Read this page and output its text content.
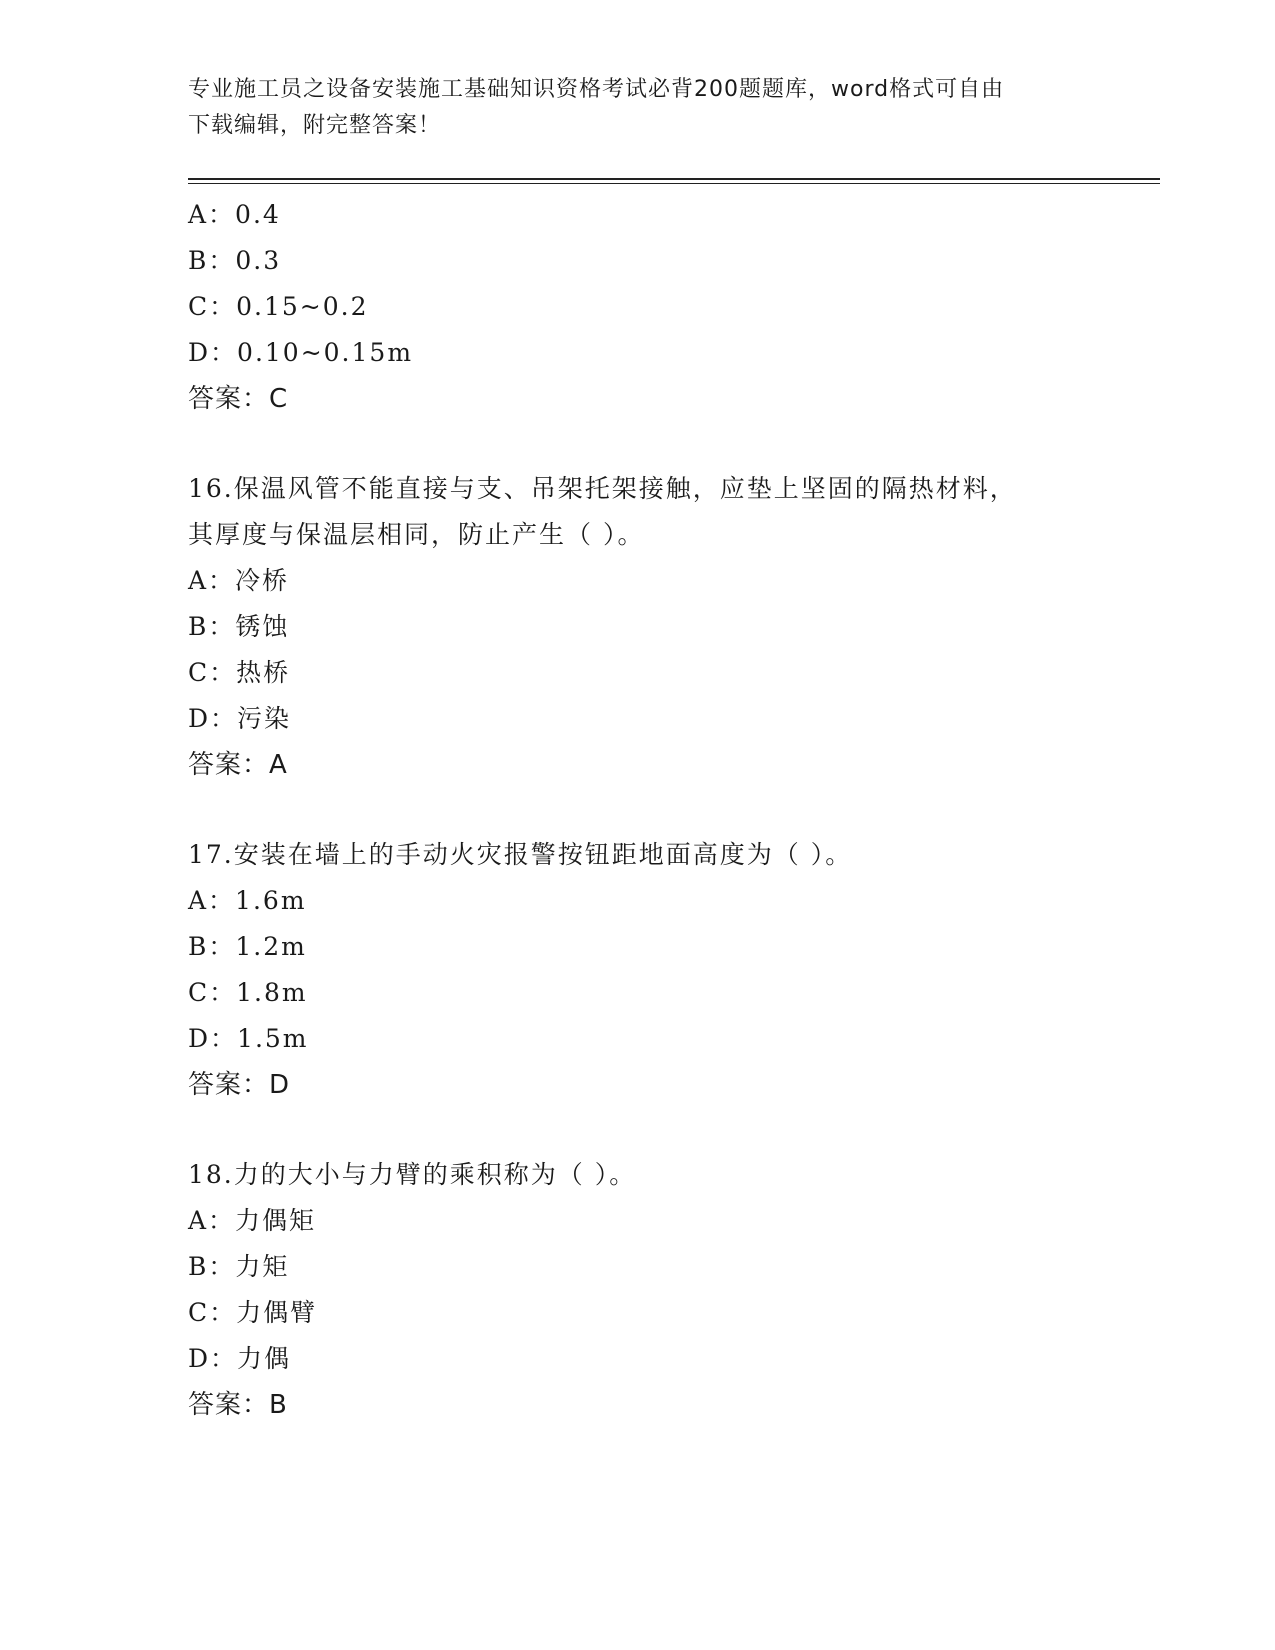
专业施工员之设备安装施工基础知识资格考试必背200题题库，word格式可自由
下载编辑，附完整答案！
A：0.4
B：0.3
C：0.15~0.2
D：0.10~0.15m
答案：C
16.保温风管不能直接与支、吊架托架接触，应垫上坚固的隔热材料，
其厚度与保温层相同，防止产生（ ）。
A：冷桥
B：锈蚀
C：热桥
D：污染
答案：A
17.安装在墙上的手动火灾报警按钮距地面高度为（ ）。
A：1.6m
B：1.2m
C：1.8m
D：1.5m
答案：D
18.力的大小与力臂的乘积称为（ ）。
A：力偶矩
B：力矩
C：力偶臂
D：力偶
答案：B
